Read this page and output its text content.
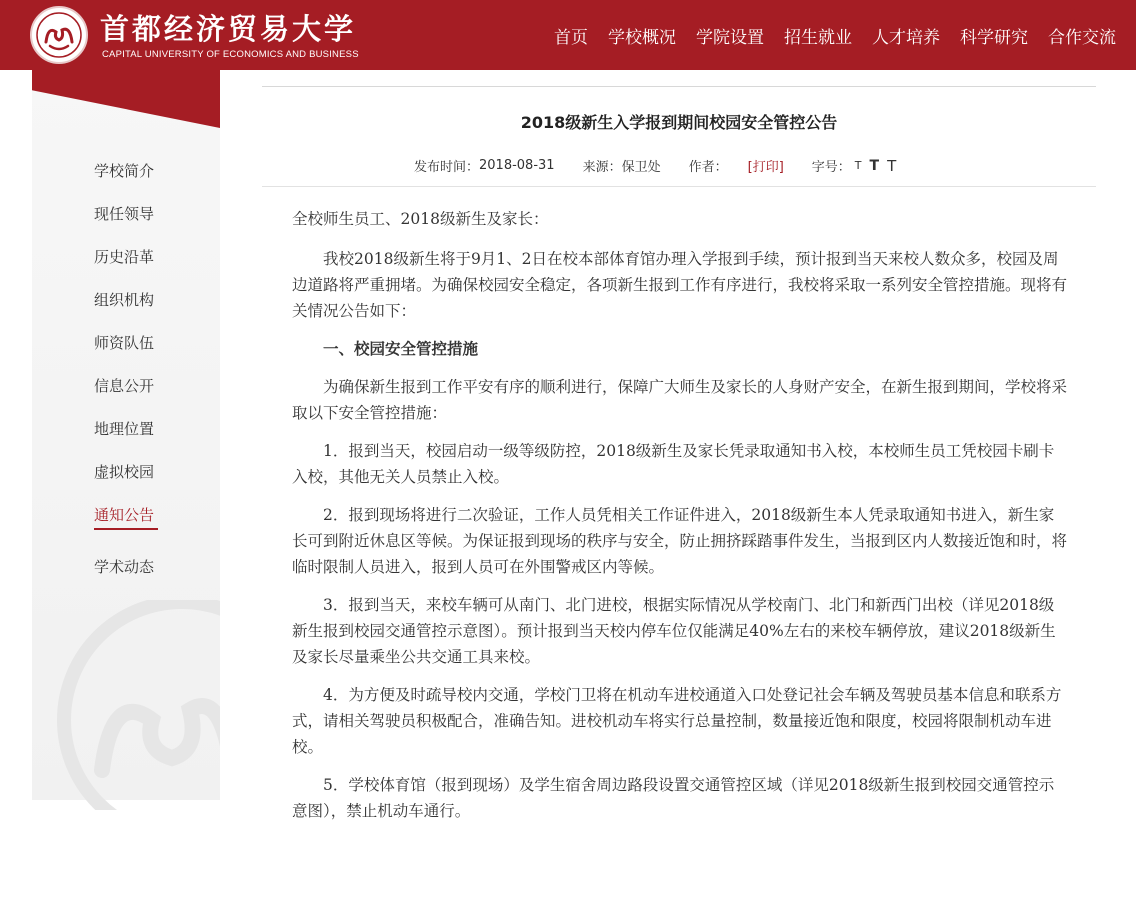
首都经济贸易大学
CAPITAL UNIVERSITY OF ECONOMICS AND BUSINESS
首页 学校概况 学院设置 招生就业 人才培养 科学研究 合作交流
学校简介
现任领导
历史沿革
组织机构
师资队伍
信息公开
地理位置
虚拟校园
通知公告
学术动态
2018级新生入学报到期间校园安全管控公告
发布时间： 2018-08-31 来源： 保卫处 作者： [打印] 字号： T T T

全校师生员工、2018级新生及家长：

我校2018级新生将于9月1、2日在校本部体育馆办理入学报到手续，预计报到当天来校人数众多，校园及周边道路将严重拥堵。为确保校园安全稳定，各项新生报到工作有序进行，我校将采取一系列安全管控措施。现将有关情况公告如下：

一、校园安全管控措施

为确保新生报到工作平安有序的顺利进行，保障广大师生及家长的人身财产安全，在新生报到期间，学校将采取以下安全管控措施：

1．报到当天，校园启动一级等级防控，2018级新生及家长凭录取通知书入校，本校师生员工凭校园卡刷卡入校，其他无关人员禁止入校。

2．报到现场将进行二次验证，工作人员凭相关工作证件进入，2018级新生本人凭录取通知书进入，新生家长可到附近休息区等候。为保证报到现场的秩序与安全，防止拥挤踩踏事件发生，当报到区内人数接近饱和时，将临时限制人员进入，报到人员可在外围警戒区内等候。

3．报到当天，来校车辆可从南门、北门进校，根据实际情况从学校南门、北门和新西门出校（详见2018级新生报到校园交通管控示意图）。预计报到当天校内停车位仅能满足40%左右的来校车辆停放，建议2018级新生及家长尽量乘坐公共交通工具来校。

4．为方便及时疏导校内交通，学校门卫将在机动车进校通道入口处登记社会车辆及驾驶员基本信息和联系方式，请相关驾驶员积极配合，准确告知。进校机动车将实行总量控制，数量接近饱和限度，校园将限制机动车进校。

5．学校体育馆（报到现场）及学生宿舍周边路段设置交通管控区域（详见2018级新生报到校园交通管控示意图），禁止机动车通行。
